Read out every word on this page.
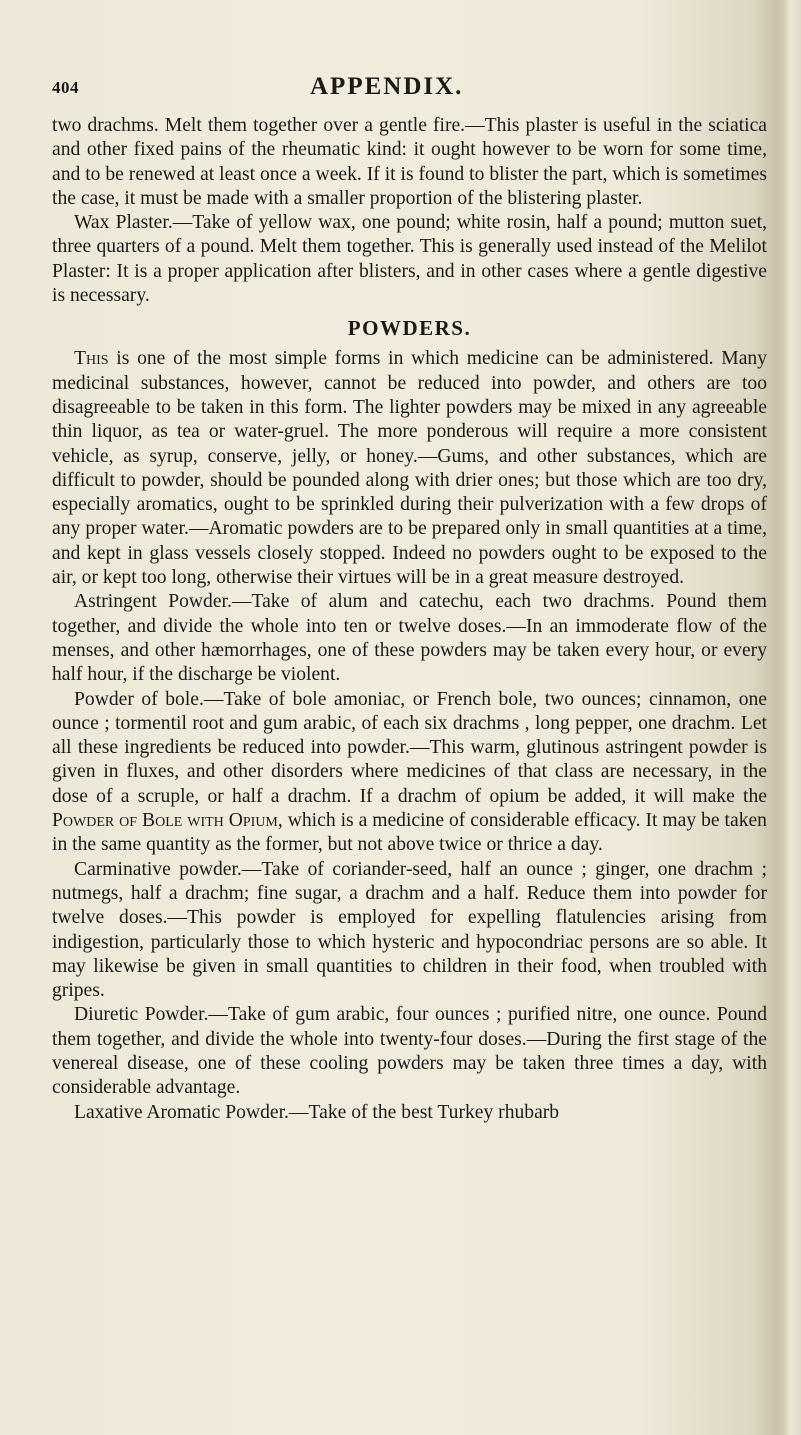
404	APPENDIX.

two drachms. Melt them together over a gentle fire.—This plaster is useful in the sciatica and other fixed pains of the rheumatic kind: it ought however to be worn for some time, and to be renewed at least once a week. If it is found to blister the part, which is sometimes the case, it must be made with a smaller proportion of the blistering plaster.

Wax Plaster.—Take of yellow wax, one pound; white rosin, half a pound; mutton suet, three quarters of a pound. Melt them together. This is generally used instead of the Melilot Plaster: It is a proper application after blisters, and in other cases where a gentle digestive is necessary.

POWDERS.

This is one of the most simple forms in which medicine can be administered. Many medicinal substances, however, cannot be reduced into powder, and others are too disagreeable to be taken in this form. The lighter powders may be mixed in any agreeable thin liquor, as tea or water-gruel. The more ponderous will require a more consistent vehicle, as syrup, conserve, jelly, or honey.—Gums, and other substances, which are difficult to powder, should be pounded along with drier ones; but those which are too dry, especially aromatics, ought to be sprinkled during their pulverization with a few drops of any proper water.—Aromatic powders are to be prepared only in small quantities at a time, and kept in glass vessels closely stopped. Indeed no powders ought to be exposed to the air, or kept too long, otherwise their virtues will be in a great measure destroyed.

Astringent Powder.—Take of alum and catechu, each two drachms. Pound them together, and divide the whole into ten or twelve doses.—In an immoderate flow of the menses, and other hæmorrhages, one of these powders may be taken every hour, or every half hour, if the discharge be violent.

Powder of bole.—Take of bole amoniac, or French bole, two ounces; cinnamon, one ounce ; tormentil root and gum arabic, of each six drachms , long pepper, one drachm. Let all these ingredients be reduced into powder.—This warm, glutinous astringent powder is given in fluxes, and other disorders where medicines of that class are necessary, in the dose of a scruple, or half a drachm. If a drachm of opium be added, it will make the Powder of Bole with Opium, which is a medicine of considerable efficacy. It may be taken in the same quantity as the former, but not above twice or thrice a day.

Carminative powder.—Take of coriander-seed, half an ounce ; ginger, one drachm ; nutmegs, half a drachm; fine sugar, a drachm and a half. Reduce them into powder for twelve doses.—This powder is employed for expelling flatulencies arising from indigestion, particularly those to which hysteric and hypocondriac persons are so able. It may likewise be given in small quantities to children in their food, when troubled with gripes.

Diuretic Powder.—Take of gum arabic, four ounces ; purified nitre, one ounce. Pound them together, and divide the whole into twenty-four doses.—During the first stage of the venereal disease, one of these cooling powders may be taken three times a day, with considerable advantage.

Laxative Aromatic Powder.—Take of the best Turkey rhubarb
